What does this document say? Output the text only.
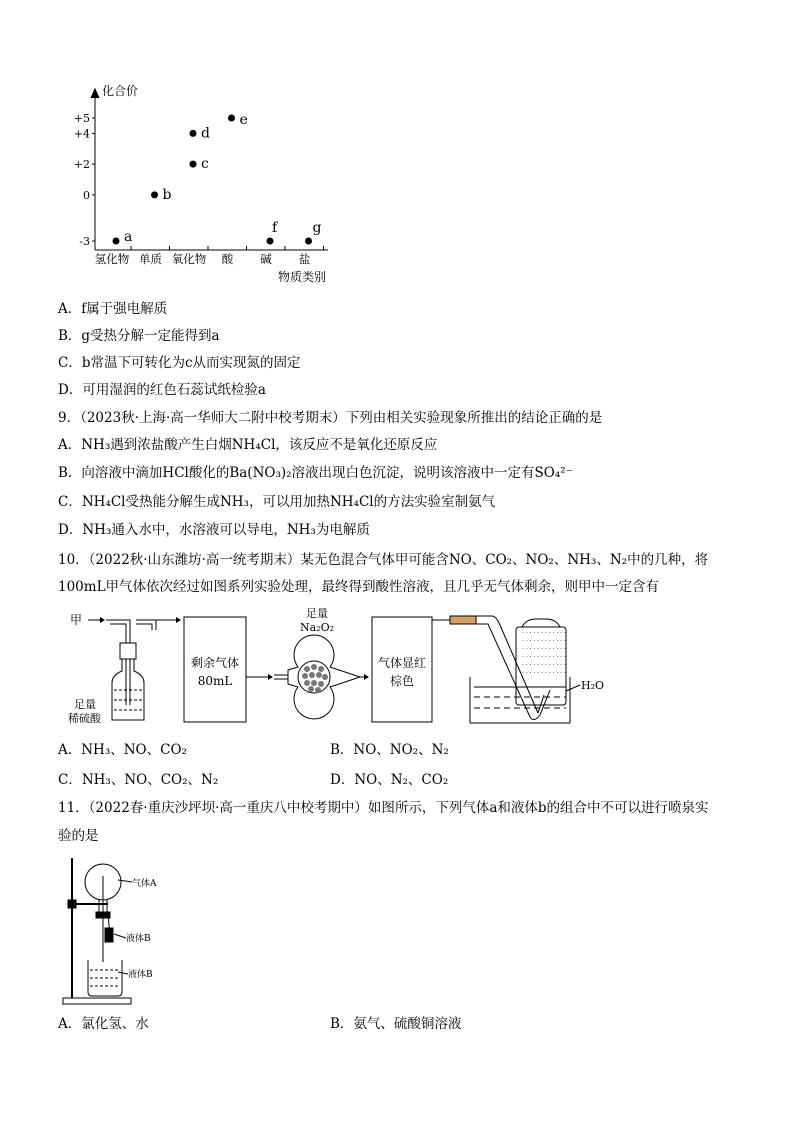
化合价
+5
+4
+2
0
-3
氢化物 单质 氧化物 酸 碱 盐
a
b
c
d
e
f	g
物质类别
A．f属于强电解质
B．g受热分解一定能得到a
C．b常温下可转化为c从而实现氮的固定
D．可用湿润的红色石蕊试纸检验a
9．（2023秋·上海·高一华师大二附中校考期末）下列由相关实验现象所推出的结论正确的是
A．NH₃遇到浓盐酸产生白烟NH₄Cl，该反应不是氧化还原反应
B．向溶液中滴加HCl酸化的Ba(NO₃)₂溶液出现白色沉淀，说明该溶液中一定有SO₄²⁻
C．NH₄Cl受热能分解生成NH₃，可以用加热NH₄Cl的方法实验室制氨气
D．NH₃通入水中，水溶液可以导电，NH₃为电解质
10．（2022秋·山东潍坊·高一统考期末）某无色混合气体甲可能含NO、CO₂、NO₂、NH₃、N₂中的几种，将
100mL甲气体依次经过如图系列实验处理，最终得到酸性溶液，且几乎无气体剩余，则甲中一定含有
甲
足量
稀硫酸
剩余气体
80mL
足量
Na₂O₂
气体显红
棕色
· · · · · · · · · · · ·
· · · · · · · · · · · ·
· · · · · · · · · · · ·
· · · · · · · · · · · ·
· · · · · · · · · · · ·
· · · · · · · · · · · ·
H₂O
A．NH₃、NO、CO₂	B．NO、NO₂、N₂
C．NH₃、NO、CO₂、N₂	D．NO、N₂、CO₂
11．（2022春·重庆沙坪坝·高一重庆八中校考期中）如图所示，下列气体a和液体b的组合中不可以进行喷泉实
验的是
气体A
液体B
液体B
A．氯化氢、水	B．氨气、硫酸铜溶液
